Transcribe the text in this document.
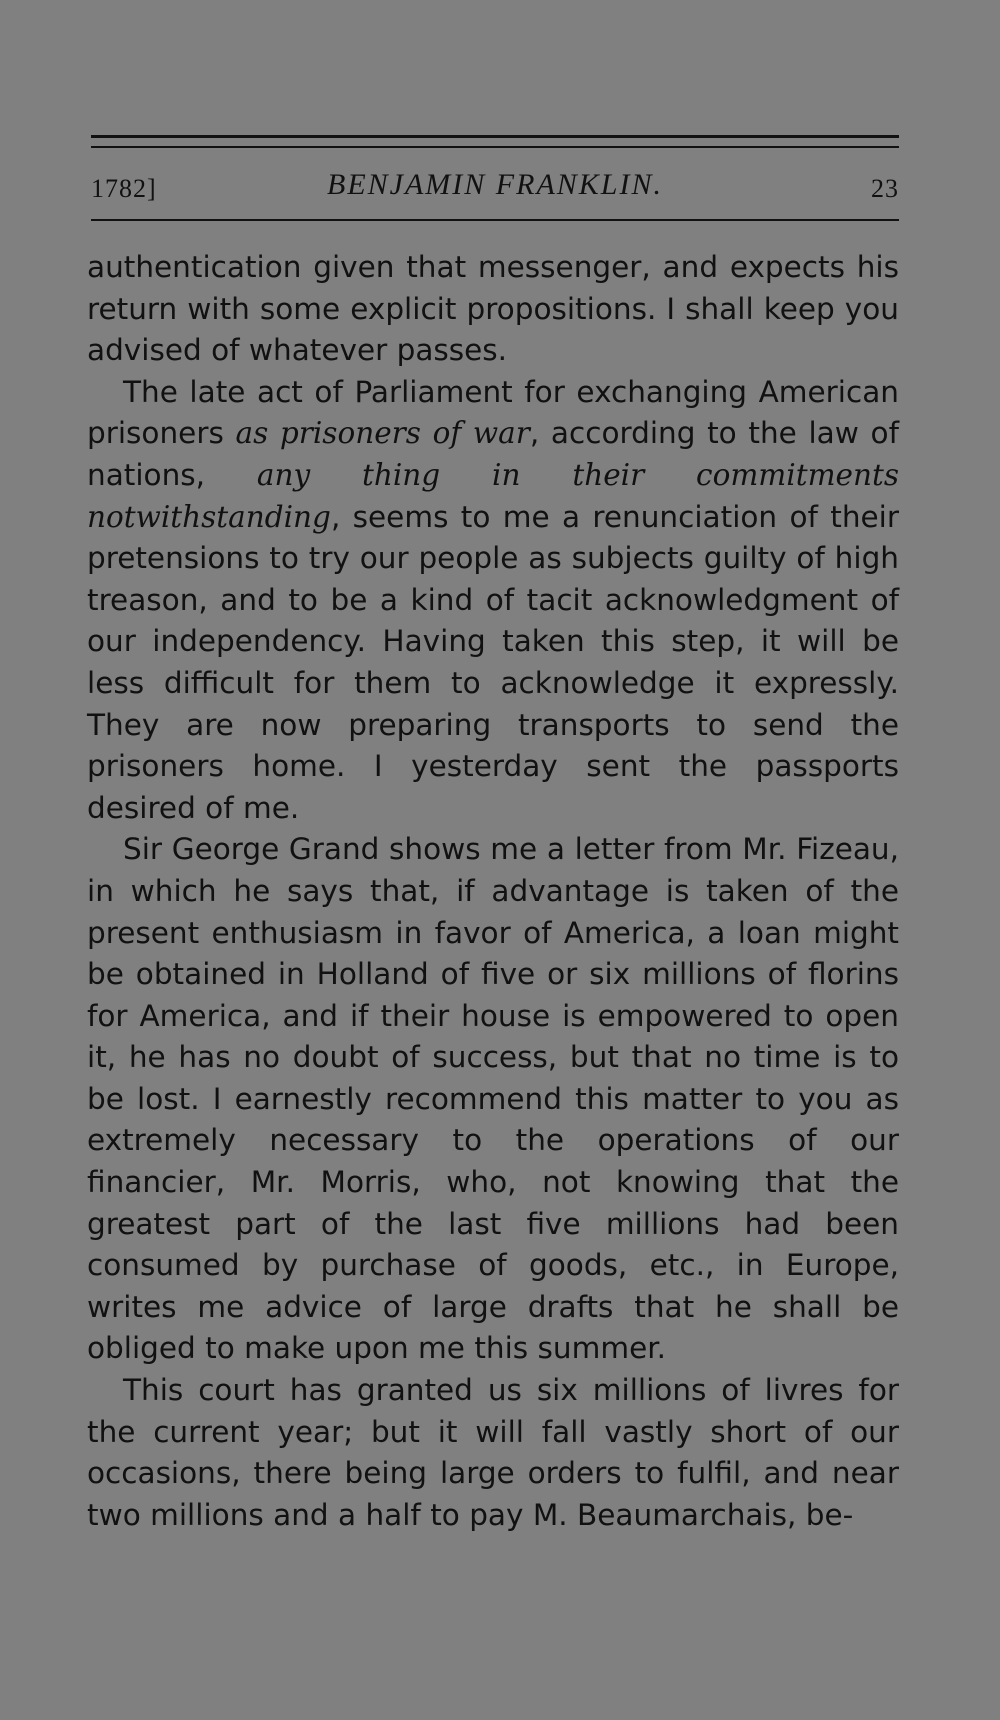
1782]	BENJAMIN FRANKLIN.	23

authentication given that messenger, and expects his return with some explicit propositions. I shall keep you advised of whatever passes.

The late act of Parliament for exchanging American prisoners as prisoners of war, according to the law of nations, any thing in their commitments notwithstanding, seems to me a renunciation of their pretensions to try our people as subjects guilty of high treason, and to be a kind of tacit acknowledgment of our independency. Having taken this step, it will be less difficult for them to acknowledge it expressly. They are now preparing transports to send the prisoners home. I yesterday sent the passports desired of me.

Sir George Grand shows me a letter from Mr. Fizeau, in which he says that, if advantage is taken of the present enthusiasm in favor of America, a loan might be obtained in Holland of five or six millions of florins for America, and if their house is empowered to open it, he has no doubt of success, but that no time is to be lost. I earnestly recommend this matter to you as extremely necessary to the operations of our financier, Mr. Morris, who, not knowing that the greatest part of the last five millions had been consumed by purchase of goods, etc., in Europe, writes me advice of large drafts that he shall be obliged to make upon me this summer.

This court has granted us six millions of livres for the current year; but it will fall vastly short of our occasions, there being large orders to fulfil, and near two millions and a half to pay M. Beaumarchais, be-
